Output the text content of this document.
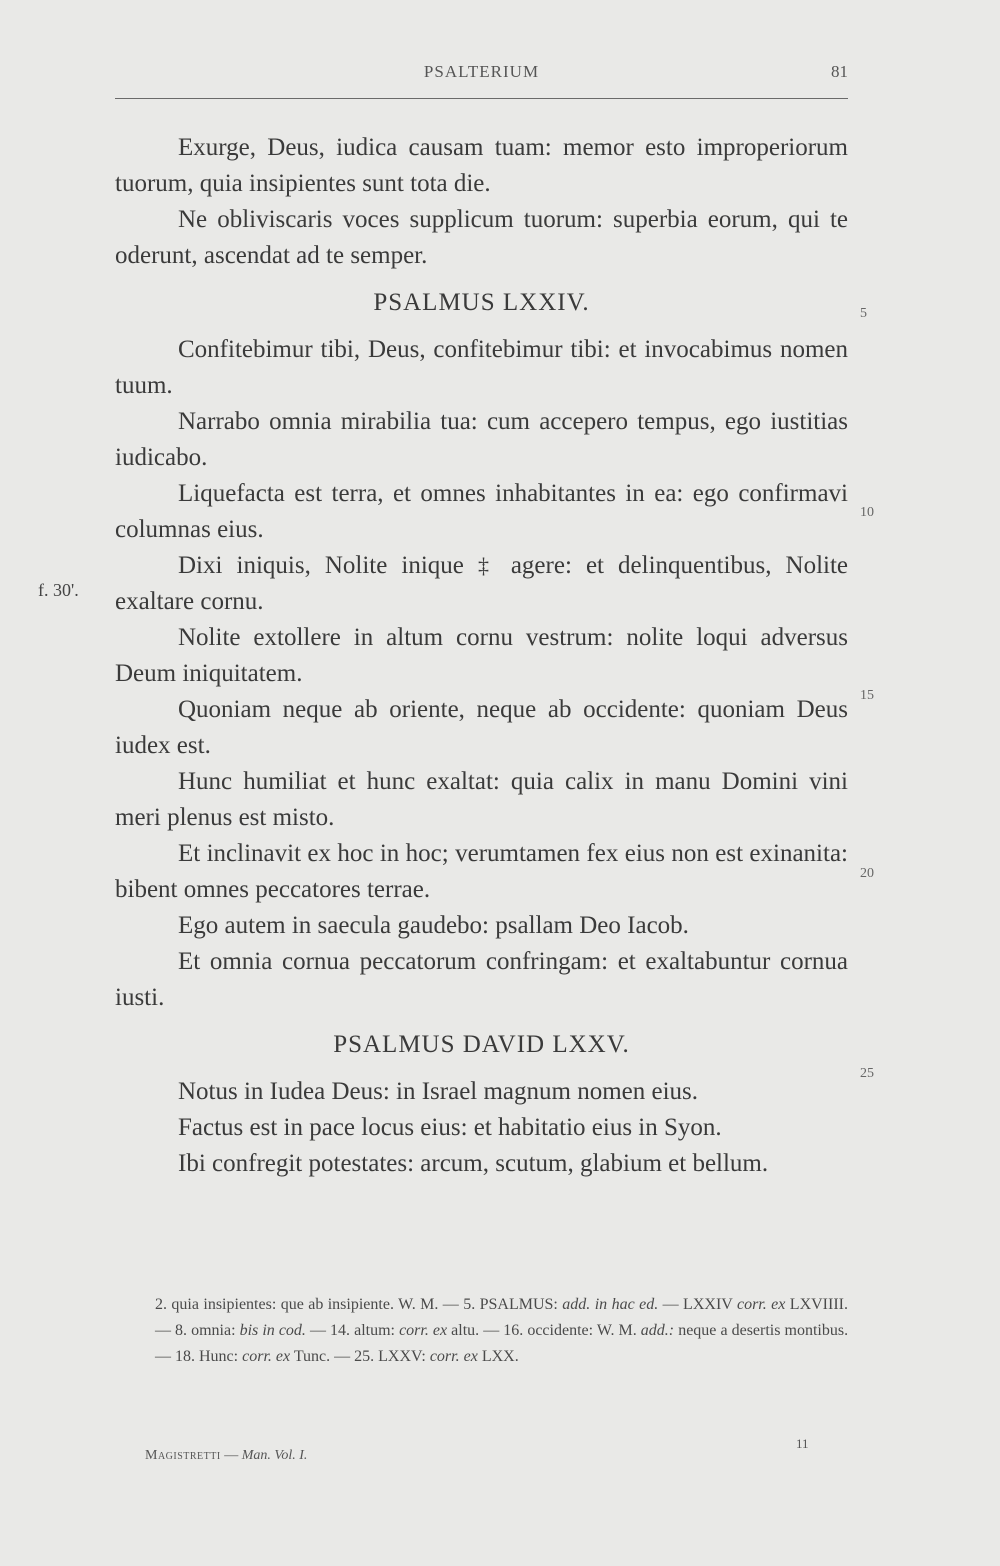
PSALTERIUM	81
f. 30'.
5
10
15
20
25

Exurge, Deus, iudica causam tuam: memor esto improperiorum tuorum, quia insipientes sunt tota die.

Ne obliviscaris voces supplicum tuorum: superbia eorum, qui te oderunt, ascendat ad te semper.

PSALMUS LXXIV.

Confitebimur tibi, Deus, confitebimur tibi: et invocabimus nomen tuum.

Narrabo omnia mirabilia tua: cum accepero tempus, ego iustitias iudicabo.

Liquefacta est terra, et omnes inhabitantes in ea: ego confirmavi columnas eius.

Dixi iniquis, Nolite inique ‡ agere: et delinquentibus, Nolite exaltare cornu.

Nolite extollere in altum cornu vestrum: nolite loqui adversus Deum iniquitatem.

Quoniam neque ab oriente, neque ab occidente: quoniam Deus iudex est.

Hunc humiliat et hunc exaltat: quia calix in manu Domini vini meri plenus est misto.

Et inclinavit ex hoc in hoc; verumtamen fex eius non est exinanita: bibent omnes peccatores terrae.

Ego autem in saecula gaudebo: psallam Deo Iacob.

Et omnia cornua peccatorum confringam: et exaltabuntur cornua iusti.

PSALMUS DAVID LXXV.

Notus in Iudea Deus: in Israel magnum nomen eius.

Factus est in pace locus eius: et habitatio eius in Syon.

Ibi confregit potestates: arcum, scutum, glabium et bellum.

2. quia insipientes: que ab insipiente. W. M. — 5. PSALMUS: add. in hac ed. — LXXIV corr. ex LXVIIII. — 8. omnia: bis in cod. — 14. altum: corr. ex altu. — 16. occidente: W. M. add.: neque a desertis montibus. — 18. Hunc: corr. ex Tunc. — 25. LXXV: corr. ex LXX.
Magistretti — Man. Vol. I.
11
